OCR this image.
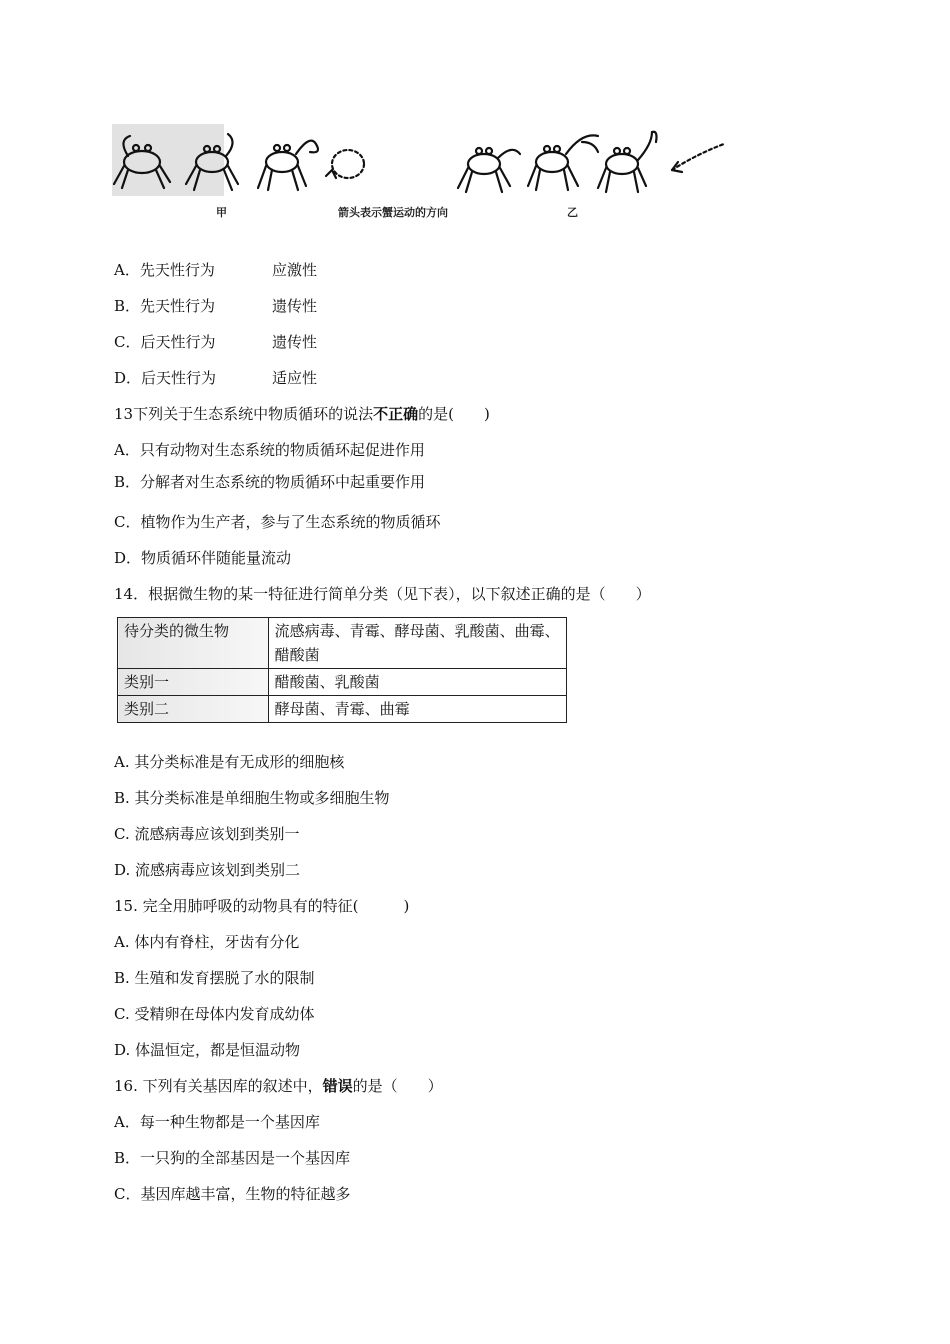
甲	箭头表示蟹运动的方向	乙
A．先天性行为	应激性
B．先天性行为	遗传性
C．后天性行为	遗传性
D．后天性行为	适应性
13下列关于生态系统中物质循环的说法不正确的是(　　)
A．只有动物对生态系统的物质循环起促进作用
B．分解者对生态系统的物质循环中起重要作用
C．植物作为生产者，参与了生态系统的物质循环
D．物质循环伴随能量流动
14．根据微生物的某一特征进行简单分类（见下表），以下叙述正确的是（　　）
待分类的微生物	流感病毒、青霉、酵母菌、乳酸菌、曲霉、醋酸菌
类别一	醋酸菌、乳酸菌
类别二	酵母菌、青霉、曲霉
A. 其分类标准是有无成形的细胞核
B. 其分类标准是单细胞生物或多细胞生物
C. 流感病毒应该划到类别一
D. 流感病毒应该划到类别二
15. 完全用肺呼吸的动物具有的特征(　　　)
A. 体内有脊柱，牙齿有分化
B. 生殖和发育摆脱了水的限制
C. 受精卵在母体内发育成幼体
D. 体温恒定，都是恒温动物
16. 下列有关基因库的叙述中，错误的是（　　）
A．每一种生物都是一个基因库
B．一只狗的全部基因是一个基因库
C．基因库越丰富，生物的特征越多
